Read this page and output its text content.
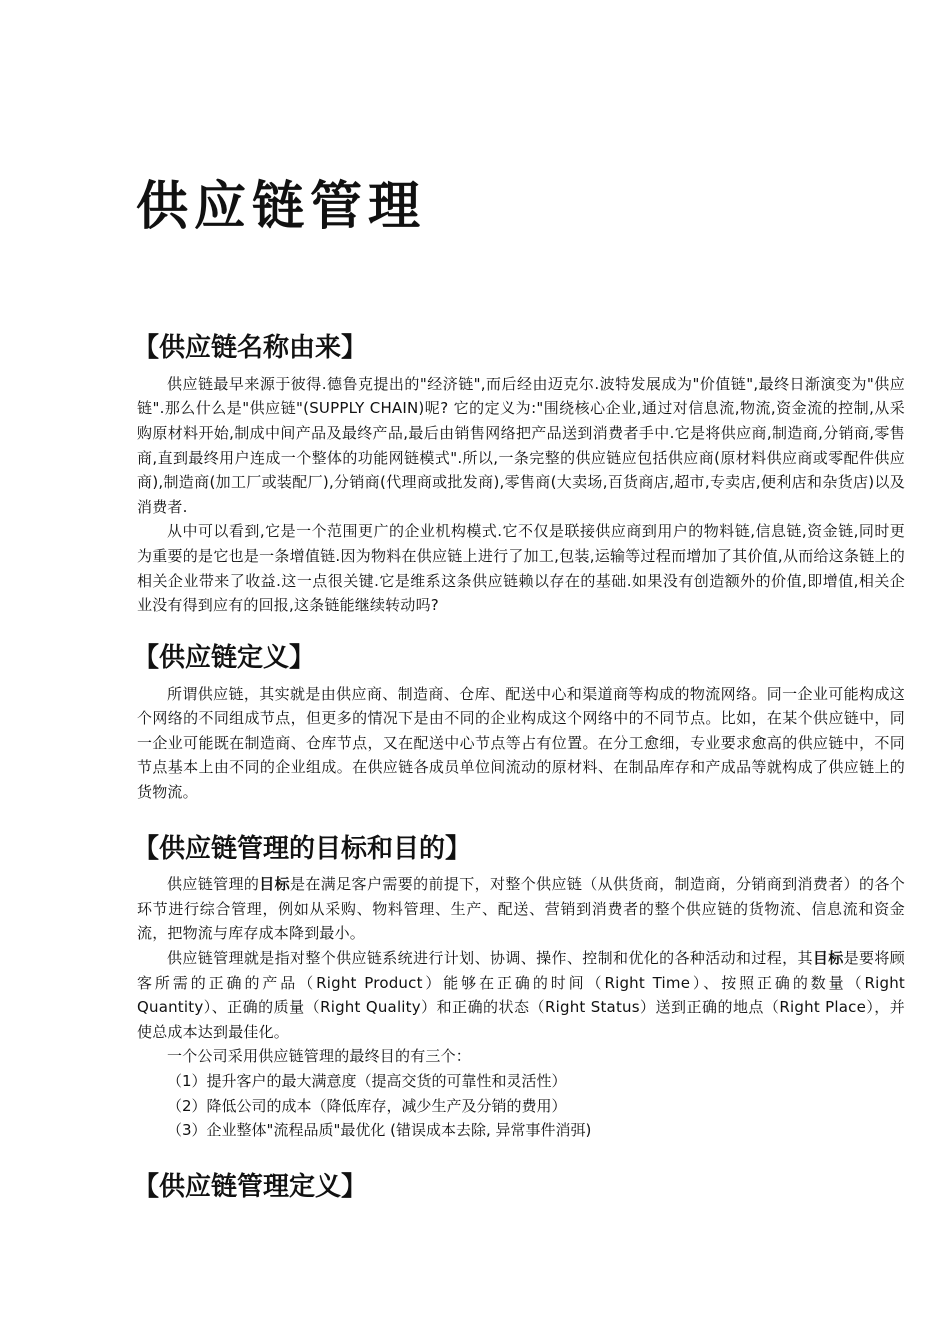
供应链管理
【供应链名称由来】

供应链最早来源于彼得.德鲁克提出的"经济链",而后经由迈克尔.波特发展成为"价值链",最终日渐演变为"供应链".那么什么是"供应链"(SUPPLY CHAIN)呢? 它的定义为:"围绕核心企业,通过对信息流,物流,资金流的控制,从采购原材料开始,制成中间产品及最终产品,最后由销售网络把产品送到消费者手中.它是将供应商,制造商,分销商,零售商,直到最终用户连成一个整体的功能网链模式".所以,一条完整的供应链应包括供应商(原材料供应商或零配件供应商),制造商(加工厂或装配厂),分销商(代理商或批发商),零售商(大卖场,百货商店,超市,专卖店,便利店和杂货店)以及消费者.

从中可以看到,它是一个范围更广的企业机构模式.它不仅是联接供应商到用户的物料链,信息链,资金链,同时更为重要的是它也是一条增值链.因为物料在供应链上进行了加工,包装,运输等过程而增加了其价值,从而给这条链上的相关企业带来了收益.这一点很关键.它是维系这条供应链赖以存在的基础.如果没有创造额外的价值,即增值,相关企业没有得到应有的回报,这条链能继续转动吗?

【供应链定义】

所谓供应链，其实就是由供应商、制造商、仓库、配送中心和渠道商等构成的物流网络。同一企业可能构成这个网络的不同组成节点，但更多的情况下是由不同的企业构成这个网络中的不同节点。比如，在某个供应链中，同一企业可能既在制造商、仓库节点，又在配送中心节点等占有位置。在分工愈细，专业要求愈高的供应链中，不同节点基本上由不同的企业组成。在供应链各成员单位间流动的原材料、在制品库存和产成品等就构成了供应链上的货物流。

【供应链管理的目标和目的】

供应链管理的目标是在满足客户需要的前提下，对整个供应链（从供货商，制造商，分销商到消费者）的各个环节进行综合管理，例如从采购、物料管理、生产、配送、营销到消费者的整个供应链的货物流、信息流和资金流，把物流与库存成本降到最小。

供应链管理就是指对整个供应链系统进行计划、协调、操作、控制和优化的各种活动和过程，其目标是要将顾客所需的正确的产品（Right Product）能够在正确的时间（Right Time）、按照正确的数量（Right Quantity）、正确的质量（Right Quality）和正确的状态（Right Status）送到正确的地点（Right Place），并使总成本达到最佳化。

一个公司采用供应链管理的最终目的有三个：

（1）提升客户的最大满意度（提高交货的可靠性和灵活性）

（2）降低公司的成本（降低库存，减少生产及分销的费用）

（3）企业整体"流程品质"最优化 (错误成本去除, 异常事件消弭)

【供应链管理定义】
